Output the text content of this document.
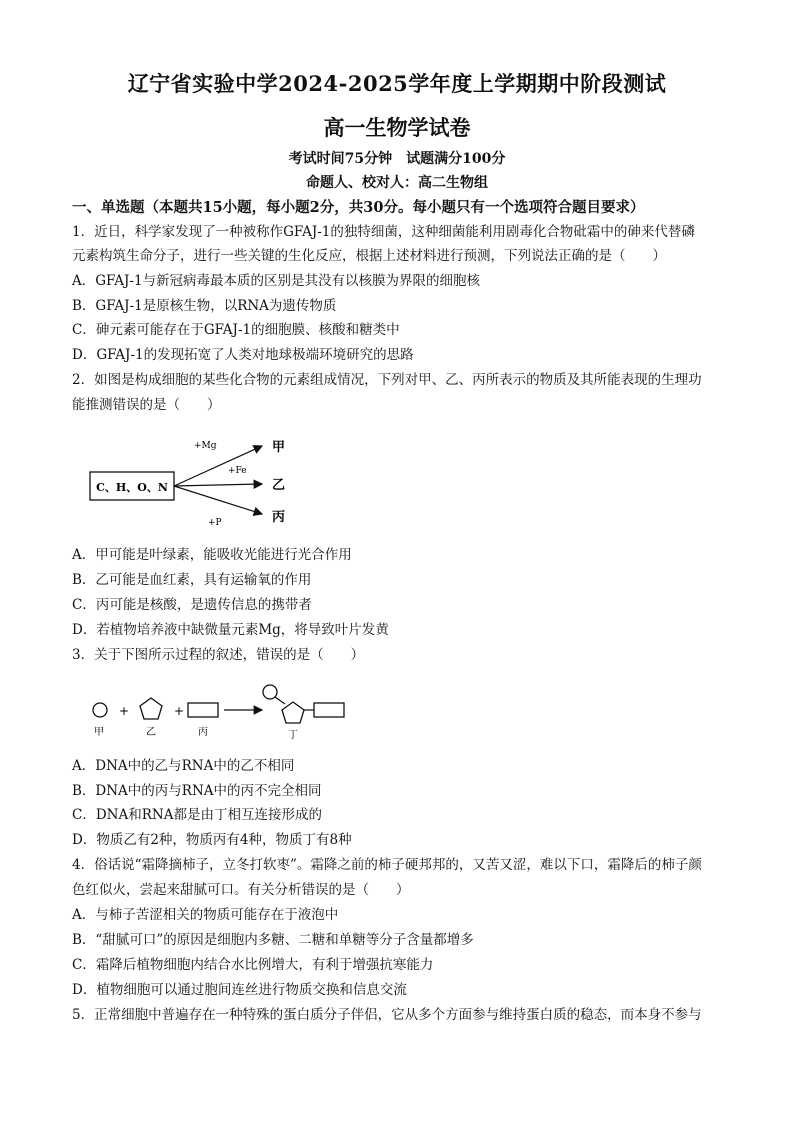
辽宁省实验中学2024-2025学年度上学期期中阶段测试
高一生物学试卷
考试时间75分钟　试题满分100分
命题人、校对人：高二生物组
一、单选题（本题共15小题，每小题2分，共30分。每小题只有一个选项符合题目要求）
1．近日，科学家发现了一种被称作GFAJ-1的独特细菌，这种细菌能利用剧毒化合物砒霜中的砷来代替磷
元素构筑生命分子，进行一些关键的生化反应，根据上述材料进行预测，下列说法正确的是（　　）
A．GFAJ-1与新冠病毒最本质的区别是其没有以核膜为界限的细胞核
B．GFAJ-1是原核生物，以RNA为遗传物质
C．砷元素可能存在于GFAJ-1的细胞膜、核酸和糖类中
D．GFAJ-1的发现拓宽了人类对地球极端环境研究的思路
2．如图是构成细胞的某些化合物的元素组成情况，下列对甲、乙、丙所表示的物质及其所能表现的生理功
能推测错误的是（　　）
C、H、O、N
+Mg
+Fe
+P
甲
乙
丙
A．甲可能是叶绿素，能吸收光能进行光合作用
B．乙可能是血红素，具有运输氧的作用
C．丙可能是核酸，是遗传信息的携带者
D．若植物培养液中缺微量元素Mg，将导致叶片发黄
3．关于下图所示过程的叙述，错误的是（　　）
+	+
甲	乙	丙	丁
A．DNA中的乙与RNA中的乙不相同
B．DNA中的丙与RNA中的丙不完全相同
C．DNA和RNA都是由丁相互连接形成的
D．物质乙有2种，物质丙有4种，物质丁有8种
4．俗话说“霜降摘柿子，立冬打软枣”。霜降之前的柿子硬邦邦的，又苦又涩，难以下口，霜降后的柿子颜
色红似火，尝起来甜腻可口。有关分析错误的是（　　）
A．与柿子苦涩相关的物质可能存在于液泡中
B．“甜腻可口”的原因是细胞内多糖、二糖和单糖等分子含量都增多
C．霜降后植物细胞内结合水比例增大，有利于增强抗寒能力
D．植物细胞可以通过胞间连丝进行物质交换和信息交流
5．正常细胞中普遍存在一种特殊的蛋白质分子伴侣，它从多个方面参与维持蛋白质的稳态，而本身不参与
